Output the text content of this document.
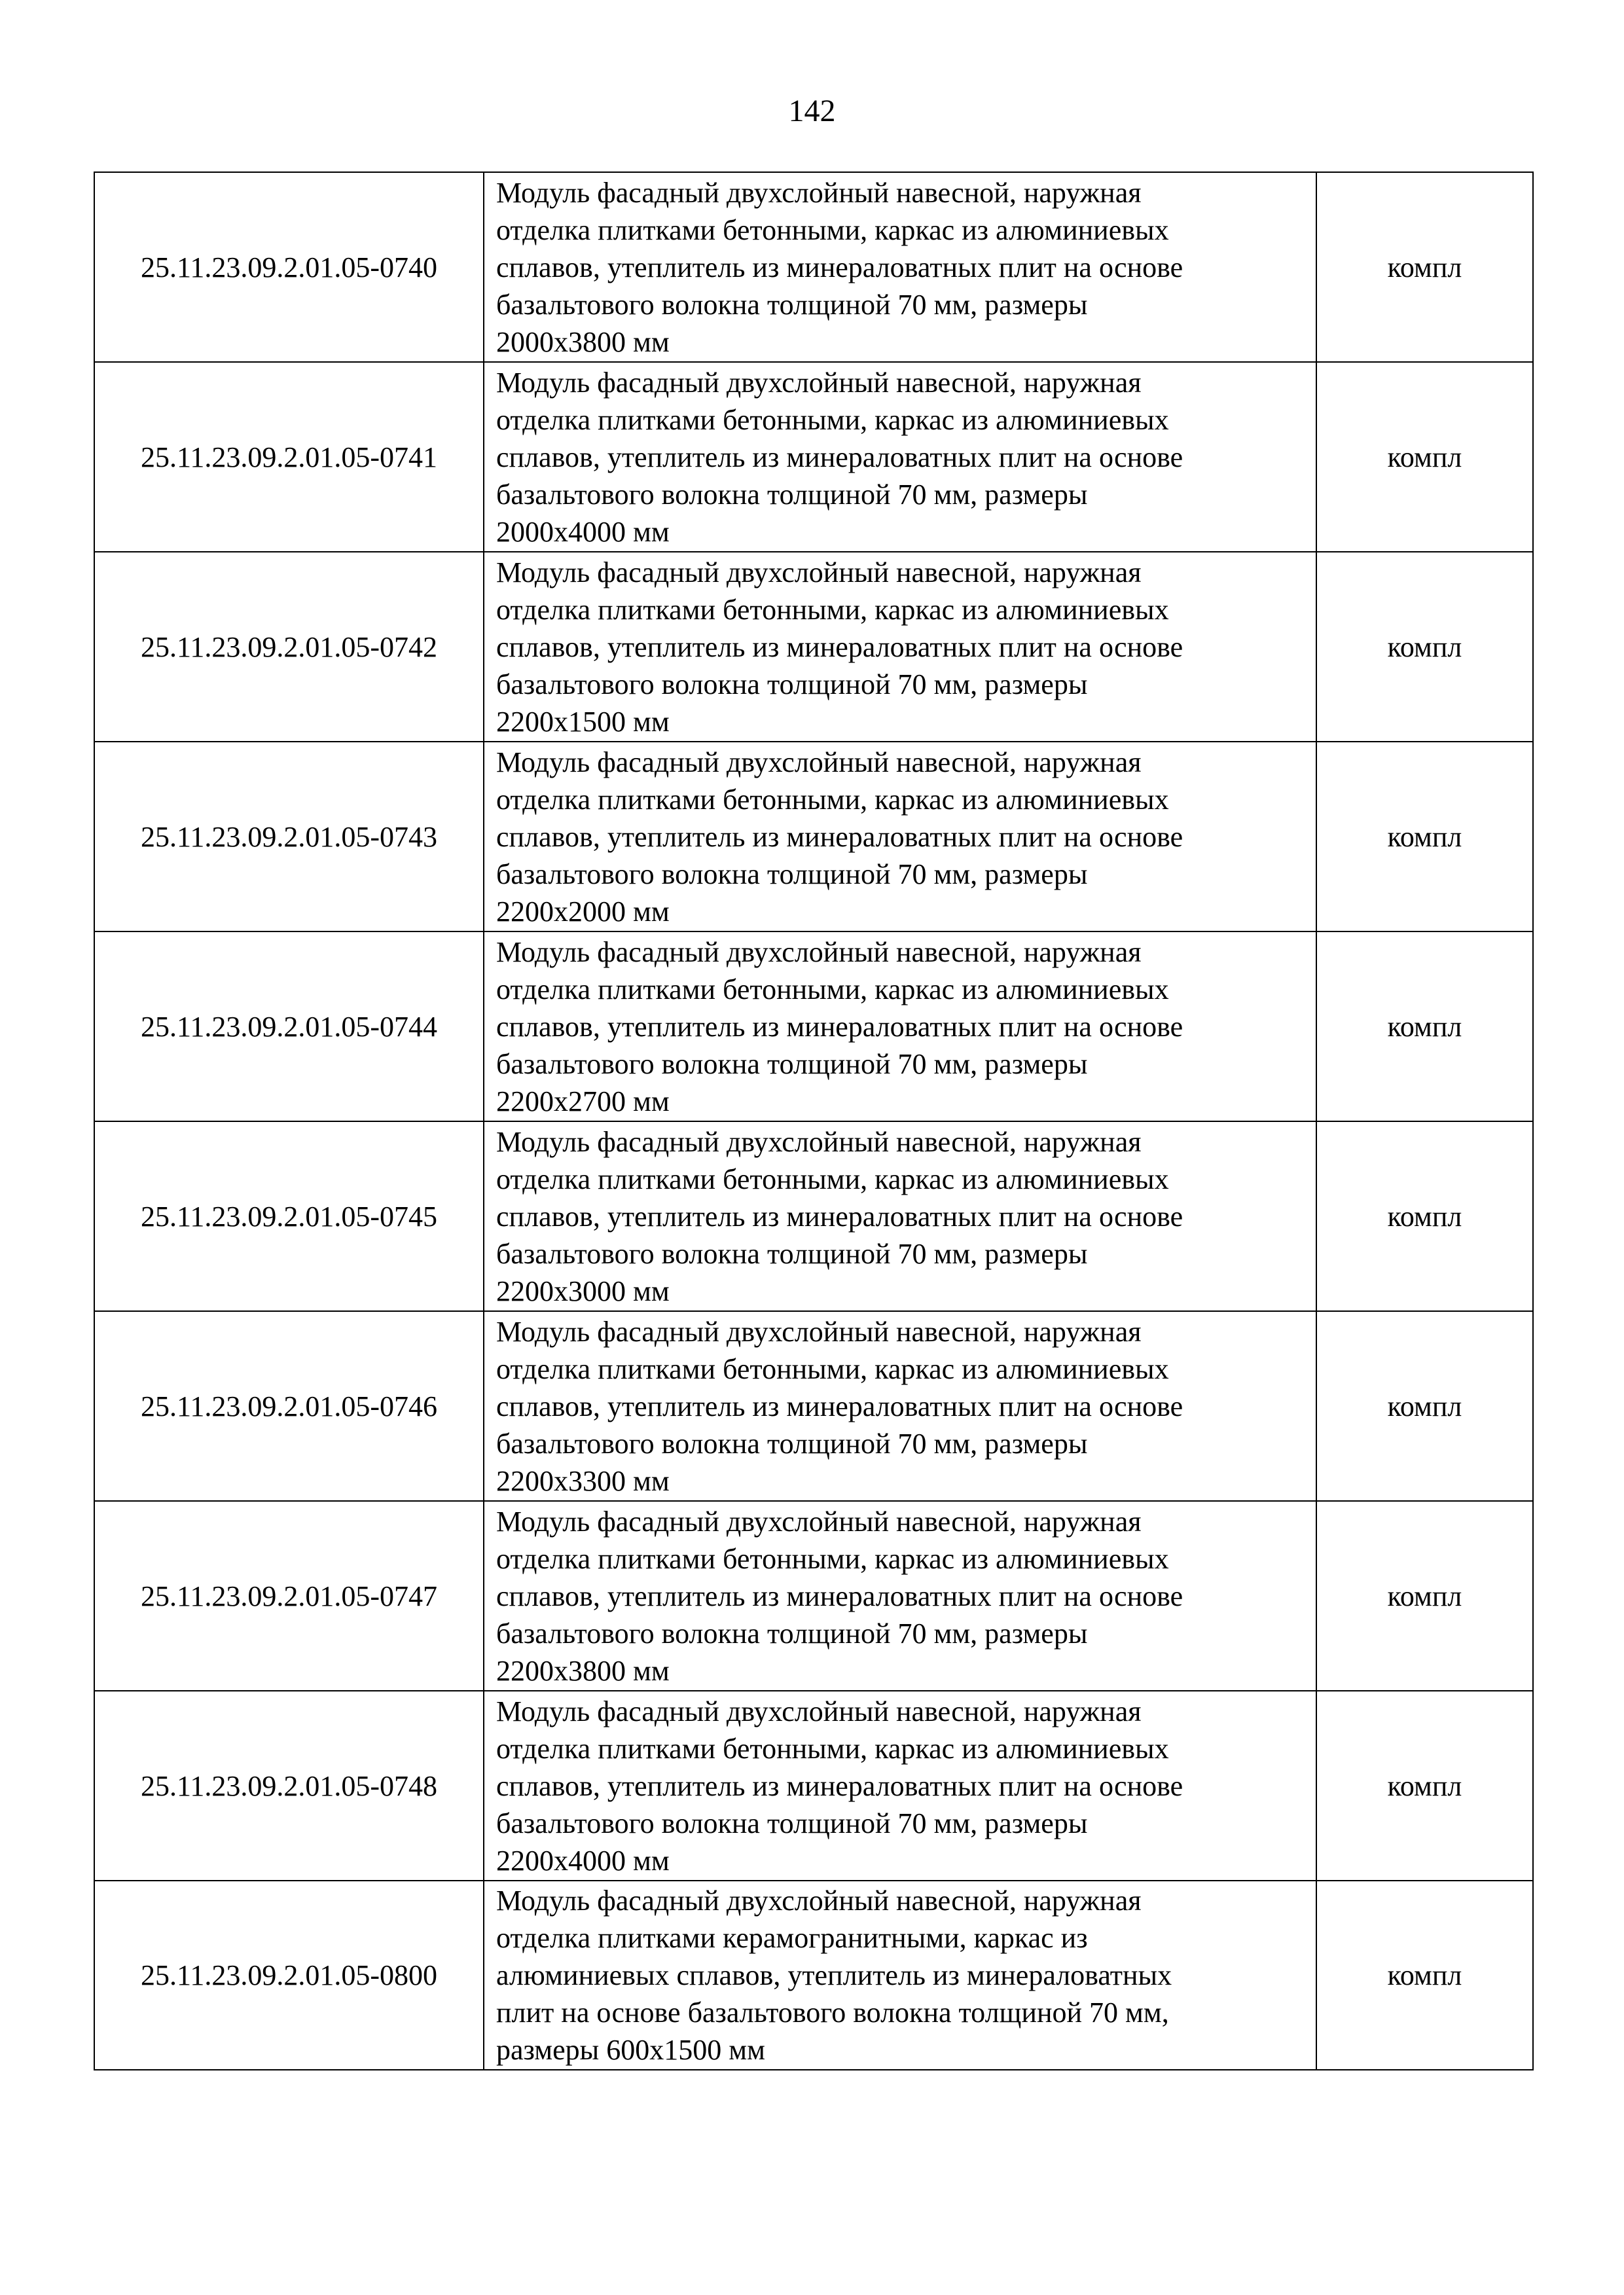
142
25.11.23.09.2.01.05-0740	Модуль фасадный двухслойный навесной, наружная
отделка плитками бетонными, каркас из алюминиевых
сплавов, утеплитель из минераловатных плит на основе
базальтового волокна толщиной 70 мм, размеры
2000x3800 мм	компл
25.11.23.09.2.01.05-0741	Модуль фасадный двухслойный навесной, наружная
отделка плитками бетонными, каркас из алюминиевых
сплавов, утеплитель из минераловатных плит на основе
базальтового волокна толщиной 70 мм, размеры
2000x4000 мм	компл
25.11.23.09.2.01.05-0742	Модуль фасадный двухслойный навесной, наружная
отделка плитками бетонными, каркас из алюминиевых
сплавов, утеплитель из минераловатных плит на основе
базальтового волокна толщиной 70 мм, размеры
2200x1500 мм	компл
25.11.23.09.2.01.05-0743	Модуль фасадный двухслойный навесной, наружная
отделка плитками бетонными, каркас из алюминиевых
сплавов, утеплитель из минераловатных плит на основе
базальтового волокна толщиной 70 мм, размеры
2200x2000 мм	компл
25.11.23.09.2.01.05-0744	Модуль фасадный двухслойный навесной, наружная
отделка плитками бетонными, каркас из алюминиевых
сплавов, утеплитель из минераловатных плит на основе
базальтового волокна толщиной 70 мм, размеры
2200x2700 мм	компл
25.11.23.09.2.01.05-0745	Модуль фасадный двухслойный навесной, наружная
отделка плитками бетонными, каркас из алюминиевых
сплавов, утеплитель из минераловатных плит на основе
базальтового волокна толщиной 70 мм, размеры
2200x3000 мм	компл
25.11.23.09.2.01.05-0746	Модуль фасадный двухслойный навесной, наружная
отделка плитками бетонными, каркас из алюминиевых
сплавов, утеплитель из минераловатных плит на основе
базальтового волокна толщиной 70 мм, размеры
2200x3300 мм	компл
25.11.23.09.2.01.05-0747	Модуль фасадный двухслойный навесной, наружная
отделка плитками бетонными, каркас из алюминиевых
сплавов, утеплитель из минераловатных плит на основе
базальтового волокна толщиной 70 мм, размеры
2200x3800 мм	компл
25.11.23.09.2.01.05-0748	Модуль фасадный двухслойный навесной, наружная
отделка плитками бетонными, каркас из алюминиевых
сплавов, утеплитель из минераловатных плит на основе
базальтового волокна толщиной 70 мм, размеры
2200x4000 мм	компл
25.11.23.09.2.01.05-0800	Модуль фасадный двухслойный навесной, наружная
отделка плитками керамогранитными, каркас из
алюминиевых сплавов, утеплитель из минераловатных
плит на основе базальтового волокна толщиной 70 мм,
размеры 600x1500 мм	компл
